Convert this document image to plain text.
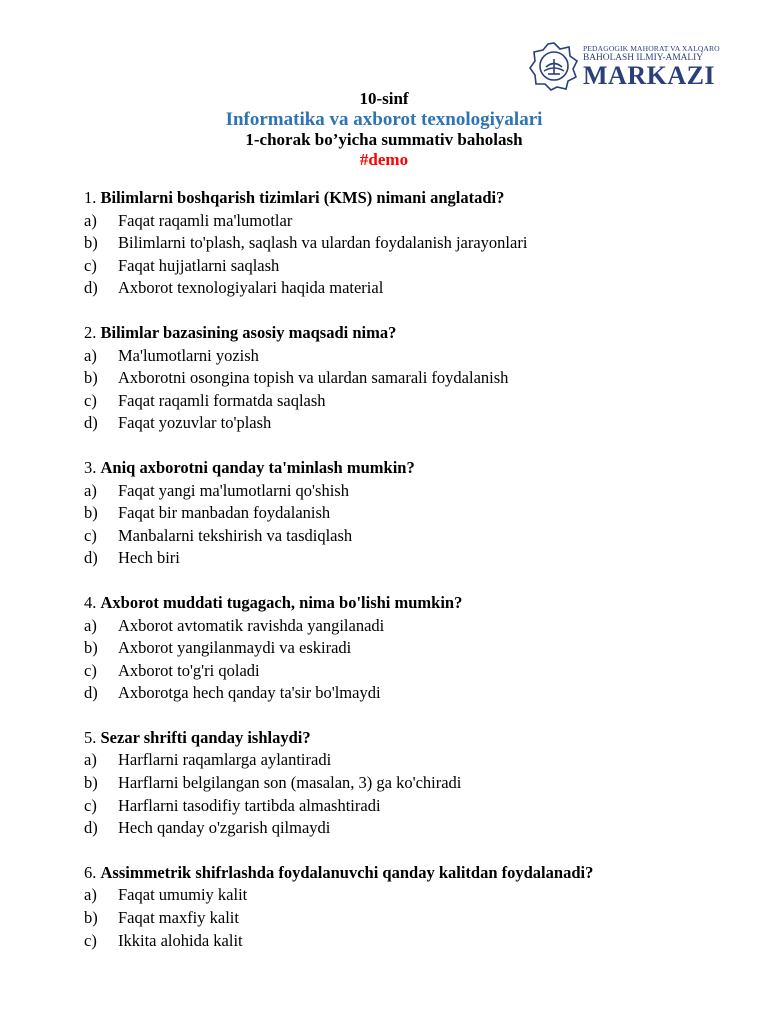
PEDAGOGIK MAHORAT VA XALQARO
BAHOLASH ILMIY-AMALIY
MARKAZI
10-sinf
Informatika va axborot texnologiyalari
1-chorak bo’yicha summativ baholash
#demo
1. Bilimlarni boshqarish tizimlari (KMS) nimani anglatadi?
a) Faqat raqamli ma'lumotlar
b) Bilimlarni to'plash, saqlash va ulardan foydalanish jarayonlari
c) Faqat hujjatlarni saqlash
d) Axborot texnologiyalari haqida material
2. Bilimlar bazasining asosiy maqsadi nima?
a) Ma'lumotlarni yozish
b) Axborotni osongina topish va ulardan samarali foydalanish
c) Faqat raqamli formatda saqlash
d) Faqat yozuvlar to'plash
3. Aniq axborotni qanday ta'minlash mumkin?
a) Faqat yangi ma'lumotlarni qo'shish
b) Faqat bir manbadan foydalanish
c) Manbalarni tekshirish va tasdiqlash
d) Hech biri
4. Axborot muddati tugagach, nima bo'lishi mumkin?
a) Axborot avtomatik ravishda yangilanadi
b) Axborot yangilanmaydi va eskiradi
c) Axborot to'g'ri qoladi
d) Axborotga hech qanday ta'sir bo'lmaydi
5. Sezar shrifti qanday ishlaydi?
a) Harflarni raqamlarga aylantiradi
b) Harflarni belgilangan son (masalan, 3) ga ko'chiradi
c) Harflarni tasodifiy tartibda almashtiradi
d) Hech qanday o'zgarish qilmaydi
6. Assimmetrik shifrlashda foydalanuvchi qanday kalitdan foydalanadi?
a) Faqat umumiy kalit
b) Faqat maxfiy kalit
c) Ikkita alohida kalit
